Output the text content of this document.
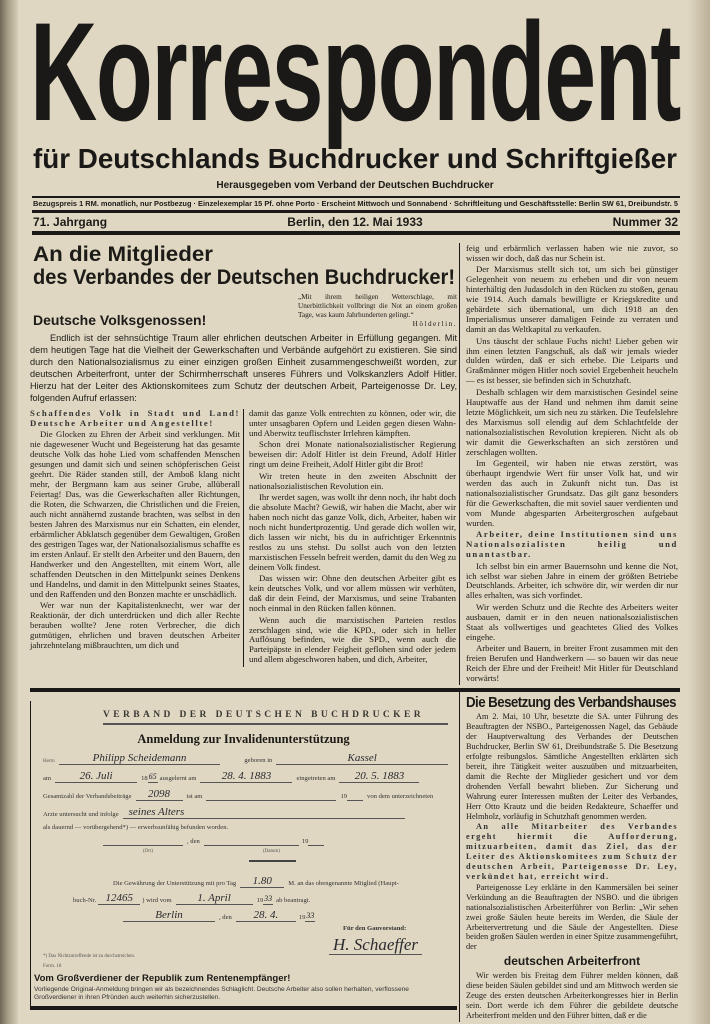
Korrespondent
für Deutschlands Buchdrucker und Schriftgießer
Herausgegeben vom Verband der Deutschen Buchdrucker
Bezugspreis 1 RM. monatlich, nur Postbezug · Einzelexemplar 15 Pf. ohne Porto · Erscheint Mittwoch und Sonnabend · Schriftleitung und Geschäftsstelle: Berlin SW 61, Dreibundstr. 5
71. Jahrgang	Berlin, den 12. Mai 1933	Nummer 32
An die Mitglieder
des Verbandes der Deutschen Buchdrucker!
Deutsche Volksgenossen!
„Mit ihrem heiligen Wetterschlage, mit Unerbittlichkeit vollbringt die Not an einem großen Tage, was kaum Jahrhunderten gelingt.“
Hölderlin.

Endlich ist der sehnsüchtige Traum aller ehrlichen deutschen Arbeiter in Erfüllung gegangen. Mit dem heutigen Tage hat die Vielheit der Gewerkschaften und Verbände aufgehört zu existieren. Sie sind durch den Nationalsozialismus zu einer einzigen großen Einheit zusammengeschweißt worden, zur deutschen Arbeiterfront, unter der Schirmherrschaft unseres Führers und Volkskanzlers Adolf Hitler. Hierzu hat der Leiter des Aktionskomitees zum Schutz der deutschen Arbeit, Parteigenosse Dr. Ley, folgenden Aufruf erlassen:

Schaffendes Volk in Stadt und Land! Deutsche Arbeiter und Angestellte!

Die Glocken zu Ehren der Arbeit sind verklungen. Mit nie dagewesener Wucht und Begeisterung hat das gesamte deutsche Volk das hohe Lied vom schaffenden Menschen gesungen und damit sich und seinen schöpferischen Geist geehrt. Die Räder standen still, der Amboß klang nicht mehr, der Bergmann kam aus seiner Grube, allüberall Feiertag! Das, was die Gewerkschaften aller Richtungen, die Roten, die Schwarzen, die Christlichen und die Freien, auch nicht annähernd zustande brachten, was selbst in den besten Jahren des Marxismus nur ein Schatten, ein elender, erbärmlicher Abklatsch gegenüber dem Gewaltigen, Großen des gestrigen Tages war, der Nationalsozialismus schaffte es im ersten Anlauf. Er stellt den Arbeiter und den Bauern, den Handwerker und den Angestellten, mit einem Wort, alle schaffenden Deutschen in den Mittelpunkt seines Denkens und Handelns, und damit in den Mittelpunkt seines Staates, und den Raffenden und den Bonzen machte er unschädlich.

Wer war nun der Kapitalistenknecht, wer war der Reaktionär, der dich unterdrücken und dich aller Rechte berauben wollte? Jene roten Verbrecher, die dich gutmütigen, ehrlichen und braven deutschen Arbeiter jahrzehntelang mißbrauchten, um dich und

damit das ganze Volk entrechten zu können, oder wir, die unter unsagbaren Opfern und Leiden gegen diesen Wahn- und Aberwitz teuflischster Irrlehren kämpften.

Schon drei Monate nationalsozialistischer Regierung beweisen dir: Adolf Hitler ist dein Freund, Adolf Hitler ringt um deine Freiheit, Adolf Hitler gibt dir Brot!

Wir treten heute in den zweiten Abschnitt der nationalsozialistischen Revolution ein.

Ihr werdet sagen, was wollt ihr denn noch, ihr habt doch die absolute Macht? Gewiß, wir haben die Macht, aber wir haben noch nicht das ganze Volk, dich, Arbeiter, haben wir noch nicht hundertprozentig. Und gerade dich wollen wir, dich lassen wir nicht, bis du in aufrichtiger Erkenntnis restlos zu uns stehst. Du sollst auch von den letzten marxistischen Fesseln befreit werden, damit du den Weg zu deinem Volk findest.

Das wissen wir: Ohne den deutschen Arbeiter gibt es kein deutsches Volk, und vor allem müssen wir verhüten, daß dir dein Feind, der Marxismus, und seine Trabanten noch einmal in den Rücken fallen können.

Wenn auch die marxistischen Parteien restlos zerschlagen sind, wie die KPD., oder sich in heller Auflösung befinden, wie die SPD., wenn auch die Parteipäpste in elender Feigheit geflohen sind oder jedem und allem abgeschworen haben, und dich, Arbeiter,

feig und erbärmlich verlassen haben wie nie zuvor, so wissen wir doch, daß das nur Schein ist.

Der Marxismus stellt sich tot, um sich bei günstiger Gelegenheit von neuem zu erheben und dir von neuem hinterhältig den Judasdolch in den Rücken zu stoßen, genau wie 1914. Auch damals bewilligte er Kriegskredite und gebärdete sich übernational, um dich 1918 an den Imperialismus unserer damaligen Feinde zu verraten und damit an das Weltkapital zu verkaufen.

Uns täuscht der schlaue Fuchs nicht! Lieber geben wir ihm einen letzten Fangschuß, als daß wir jemals wieder dulden würden, daß er sich erhebe. Die Leiparts und Graßmänner mögen Hitler noch soviel Ergebenheit heucheln — es ist besser, sie befinden sich in Schutzhaft.

Deshalb schlagen wir dem marxistischen Gesindel seine Hauptwaffe aus der Hand und nehmen ihm damit seine letzte Möglichkeit, um sich neu zu stärken. Die Teufelslehre des Marxismus soll elendig auf dem Schlachtfelde der nationalsozialistischen Revolution krepieren. Nicht als ob wir damit die Gewerkschaften an sich zerstören und zerschlagen wollten.

Im Gegenteil, wir haben nie etwas zerstört, was überhaupt irgendwie Wert für unser Volk hat, und wir werden das auch in Zukunft nicht tun. Das ist nationalsozialistischer Grundsatz. Das gilt ganz besonders für die Gewerkschaften, die mit soviel sauer verdienten und vom Munde abgesparten Arbeitergroschen aufgebaut wurden.

Arbeiter, deine Institutionen sind uns Nationalsozialisten heilig und unantastbar.

Ich selbst bin ein armer Bauernsohn und kenne die Not, ich selbst war sieben Jahre in einem der größten Betriebe Deutschlands. Arbeiter, ich schwöre dir, wir werden dir nur alles erhalten, was sich vorfindet.

Wir werden Schutz und die Rechte des Arbeiters weiter ausbauen, damit er in den neuen nationalsozialistischen Staat als vollwertiges und geachtetes Glied des Volkes eingehe.

Arbeiter und Bauern, in breiter Front zusammen mit den freien Berufen und Handwerkern — so bauen wir das neue Reich der Ehre und der Freiheit! Mit Hitler für Deutschland vorwärts!

VERBAND DER DEUTSCHEN BUCHDRUCKER
Anmeldung zur Invalidenunterstützung
Herrn	Philipp Scheidemann	geboren in	Kassel
am	26. Juli	18 65 ausgelernt am	28. 4. 1883	eingetreten am	20. 5. 1883
Gesamtzahl der Verbandsbeiträge	2098	ist am	19	von dem unterzeichneten
Arzte untersucht und infolge seines Alters
als dauernd — vorübergehend*) — erwerbsunfähig befunden worden.
, den	19
(Ort)	(Datum)
Die Gewährung der Unterstützung mit pro Tag	1.80	M. an das obengenannte Mitglied (Haupt-
buch-Nr. 12465	) wird vom	1. April	19 33 ab beantragt.
Berlin	, den	28. 4.	19 33
Für den Gauvorstand:
H. Schaeffer
*) Das Nichtzutreffende ist zu durchstreichen.
Form. 18
Vom Großverdiener der Republik zum Rentenempfänger!
Vorliegende Original-Anmeldung bringen wir als bezeichnendes Schlaglicht. Deutsche Arbeiter also sollen herhalten, verflossene Großverdiener in ihren Pfründen auch weiterhin sicherzustellen.
Die Besetzung des Verbandshauses

Am 2. Mai, 10 Uhr, besetzte die SA. unter Führung des Beauftragten der NSBO., Parteigenossen Nagel, das Gebäude der Hauptverwaltung des Verbandes der Deutschen Buchdrucker, Berlin SW 61, Dreibundstraße 5. Die Besetzung erfolgte reibungslos. Sämtliche Angestellten erklärten sich bereit, ihre Tätigkeit weiter auszuüben und mitzuarbeiten, damit die Rechte der Mitglieder gesichert und vor dem drohenden Verfall bewahrt blieben. Zur Sicherung und Wahrung eurer Interessen mußten der Leiter des Verbandes, Herr Otto Krautz und die beiden Redakteure, Schaeffer und Helmholz, vorläufig in Schutzhaft genommen werden.

An alle Mitarbeiter des Verbandes ergeht hiermit die Aufforderung, mitzuarbeiten, damit das Ziel, das der Leiter des Aktionskomitees zum Schutz der deutschen Arbeit, Parteigenosse Dr. Ley, verkündet hat, erreicht wird.

Parteigenosse Ley erklärte in den Kammersälen bei seiner Verkündung an die Beauftragten der NSBO. und die übrigen nationalsozialistischen Arbeiterführer von Berlin: „Wir sehen zwei große Säulen heute bereits im Werden, die Säule der Arbeitervertretung und die Säule der Angestellten. Diese beiden großen Säulen werden in einer Spitze zusammengeführt, der

deutschen Arbeiterfront

Wir werden bis Freitag dem Führer melden können, daß diese beiden Säulen gebildet sind und am Mittwoch werden sie Zeuge des ersten deutschen Arbeiterkongresses hier in Berlin sein. Dort werde ich dem Führer die gebildete deutsche Arbeiterfront melden und den Führer bitten, daß er die
